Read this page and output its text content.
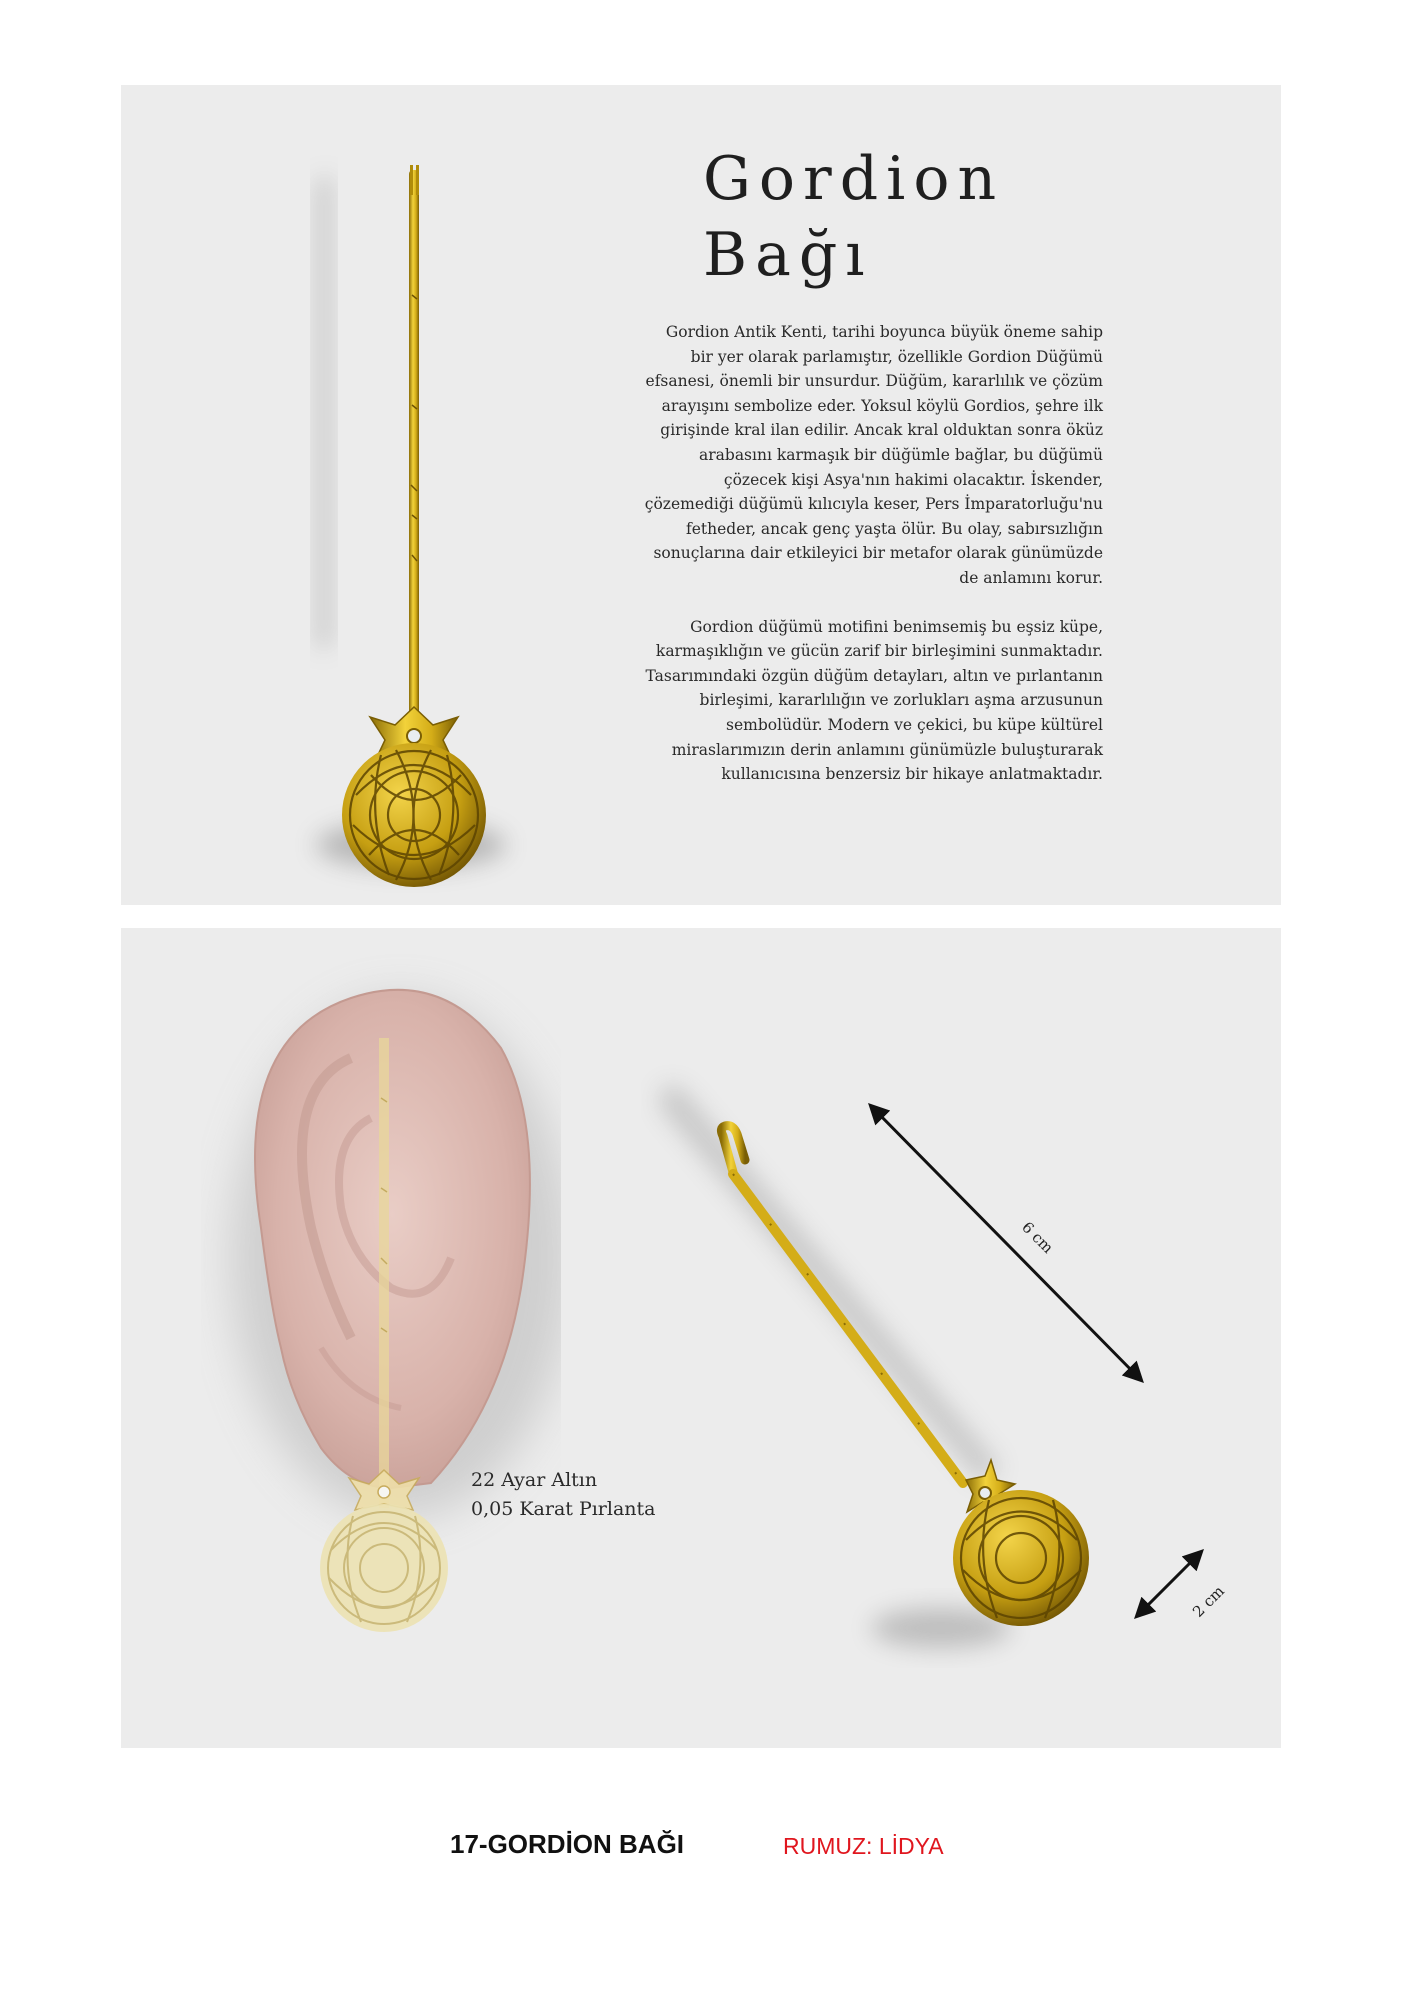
Gordion
Bağı

Gordion Antik Kenti, tarihi boyunca büyük öneme sahip bir yer olarak parlamıştır, özellikle Gordion Düğümü efsanesi, önemli bir unsurdur. Düğüm, kararlılık ve çözüm arayışını sembolize eder. Yoksul köylü Gordios, şehre ilk girişinde kral ilan edilir. Ancak kral olduktan sonra öküz arabasını karmaşık bir düğümle bağlar, bu düğümü çözecek kişi Asya'nın hakimi olacaktır. İskender, çözemediği düğümü kılıcıyla keser, Pers İmparatorluğu'nu fetheder, ancak genç yaşta ölür. Bu olay, sabırsızlığın sonuçlarına dair etkileyici bir metafor olarak günümüzde de anlamını korur.

Gordion düğümü motifini benimsemiş bu eşsiz küpe, karmaşıklığın ve gücün zarif bir birleşimini sunmaktadır. Tasarımındaki özgün düğüm detayları, altın ve pırlantanın birleşimi, kararlılığın ve zorlukları aşma arzusunun sembolüdür. Modern ve çekici, bu küpe kültürel miraslarımızın derin anlamını günümüzle buluşturarak kullanıcısına benzersiz bir hikaye anlatmaktadır.

22 Ayar Altın
0,05 Karat Pırlanta
6 cm
2 cm
17-GORDİON BAĞI	RUMUZ: LİDYA
